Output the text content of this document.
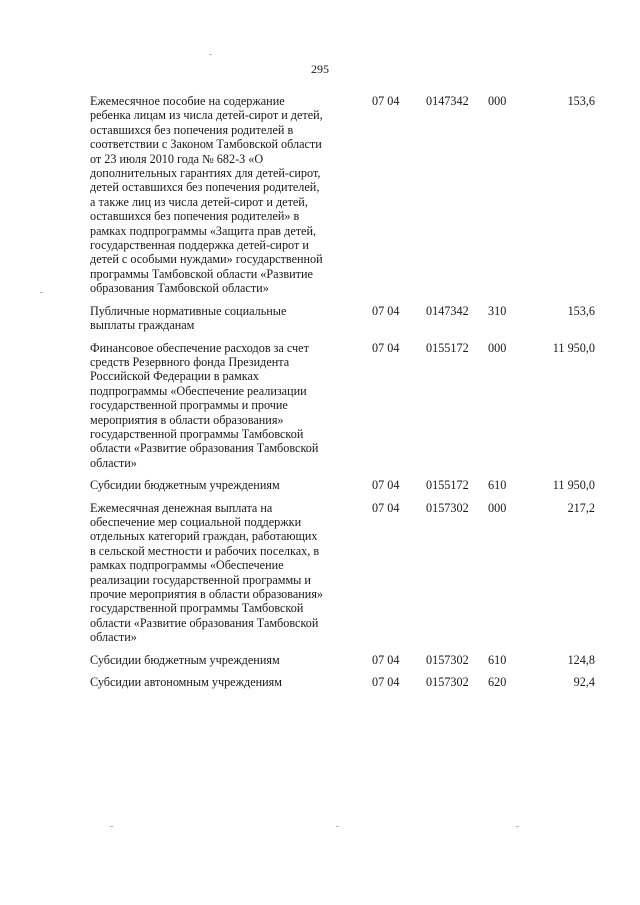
295
Ежемесячное пособие на содержание
ребенка лицам из числа детей-сирот и детей,
оставшихся без попечения родителей в
соответствии с Законом Тамбовской области
от 23 июля 2010 года № 682-З «О
дополнительных гарантиях для детей-сирот,
детей оставшихся без попечения родителей,
а также лиц из числа детей-сирот и детей,
оставшихся без попечения родителей» в
рамках подпрограммы «Защита прав детей,
государственная поддержка детей-сирот и
детей с особыми нуждами» государственной
программы Тамбовской области «Развитие
образования Тамбовской области»
07 04 0147342 000	153,6
Публичные нормативные социальные
выплаты гражданам
07 04 0147342 310	153,6
Финансовое обеспечение расходов за счет
средств Резервного фонда Президента
Российской Федерации в рамках
подпрограммы «Обеспечение реализации
государственной программы и прочие
мероприятия в области образования»
государственной программы Тамбовской
области «Развитие образования Тамбовской
области»
07 04 0155172 000	11 950,0
Субсидии бюджетным учреждениям	07 04 0155172 610	11 950,0
Ежемесячная денежная выплата на
обеспечение мер социальной поддержки
отдельных категорий граждан, работающих
в сельской местности и рабочих поселках, в
рамках подпрограммы «Обеспечение
реализации государственной программы и
прочие мероприятия в области образования»
государственной программы Тамбовской
области «Развитие образования Тамбовской
области»
07 04 0157302 000	217,2
Субсидии бюджетным учреждениям	07 04 0157302 610	124,8
Субсидии автономным учреждениям	07 04 0157302 620	92,4
